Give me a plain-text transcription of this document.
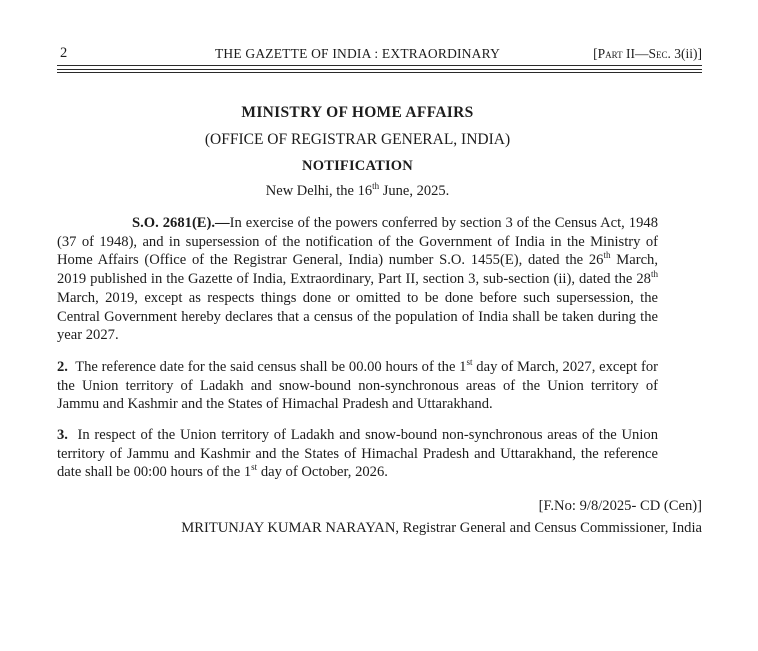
2	THE GAZETTE OF INDIA : EXTRAORDINARY	[Part II—Sec. 3(ii)]
MINISTRY OF HOME AFFAIRS
(OFFICE OF REGISTRAR GENERAL, INDIA)
NOTIFICATION
New Delhi, the 16th June, 2025.

S.O. 2681(E).—In exercise of the powers conferred by section 3 of the Census Act, 1948 (37 of 1948), and in supersession of the notification of the Government of India in the Ministry of Home Affairs (Office of the Registrar General, India) number S.O. 1455(E), dated the 26th March, 2019 published in the Gazette of India, Extraordinary, Part II, section 3, sub-section (ii), dated the 28th March, 2019, except as respects things done or omitted to be done before such supersession, the Central Government hereby declares that a census of the population of India shall be taken during the year 2027.

2.  The reference date for the said census shall be 00.00 hours of the 1st day of March, 2027, except for the Union territory of Ladakh and snow-bound non-synchronous areas of the Union territory of Jammu and Kashmir and the States of Himachal Pradesh and Uttarakhand.

3.  In respect of the Union territory of Ladakh and snow-bound non-synchronous areas of the Union territory of Jammu and Kashmir and the States of Himachal Pradesh and Uttarakhand, the reference date shall be 00:00 hours of the 1st day of October, 2026.

[F.No: 9/8/2025- CD (Cen)]
MRITUNJAY KUMAR NARAYAN, Registrar General and Census Commissioner, India
